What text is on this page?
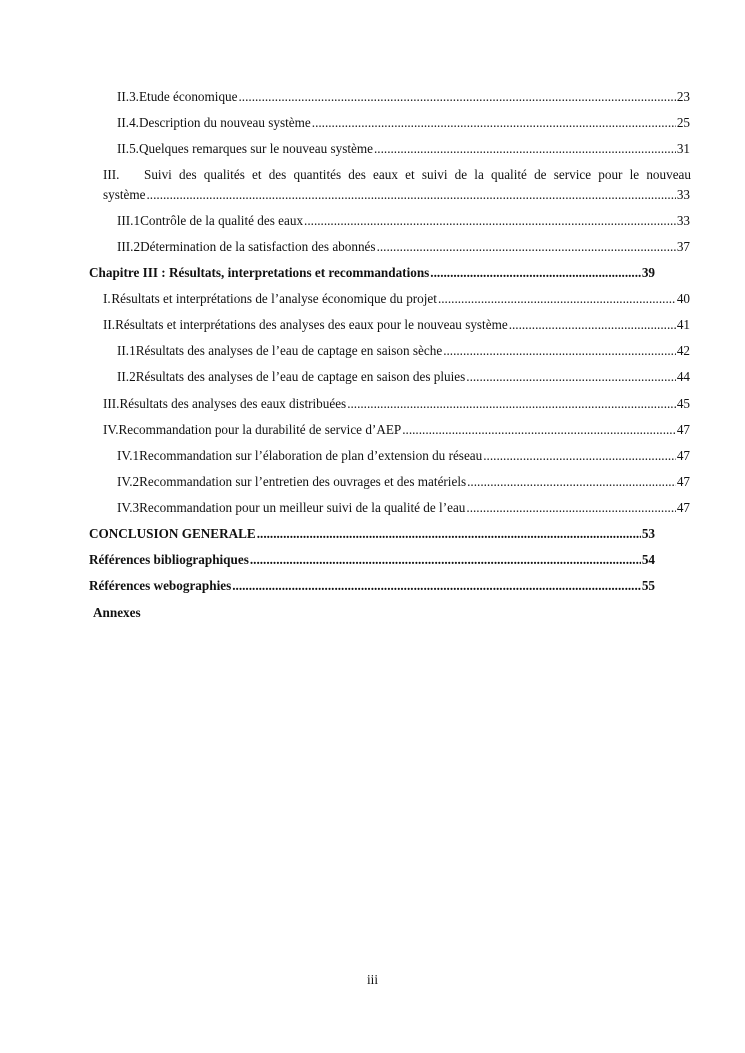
II.3. Etude économique .....	23
II.4. Description du nouveau système .....	25
II.5. Quelques remarques sur le nouveau système .....	31
III. Suivi des qualités et des quantités des eaux et suivi de la qualité de service pour le nouveau
système .....	33
III.1 Contrôle de la qualité des eaux .....	33
III.2 Détermination de la satisfaction des abonnés .....	37
Chapitre III : Résultats, interpretations et recommandations .....	39
I. Résultats et interprétations de l’analyse économique du projet .....	40
II. Résultats et interprétations des analyses des eaux pour le nouveau système .....	41
II.1 Résultats des analyses de l’eau de captage en saison sèche .....	42
II.2 Résultats des analyses de l’eau de captage en saison des pluies .....	44
III. Résultats des analyses des eaux distribuées .....	45
IV. Recommandation pour la durabilité de service d’AEP .....	47
IV.1 Recommandation sur l’élaboration de plan d’extension du réseau .....	47
IV.2 Recommandation sur l’entretien des ouvrages et des matériels .....	47
IV.3 Recommandation pour un meilleur suivi de la qualité de l’eau .....	47
CONCLUSION GENERALE .....	53
Références bibliographiques .....	54
Références webographies .....	55
Annexes
iii
